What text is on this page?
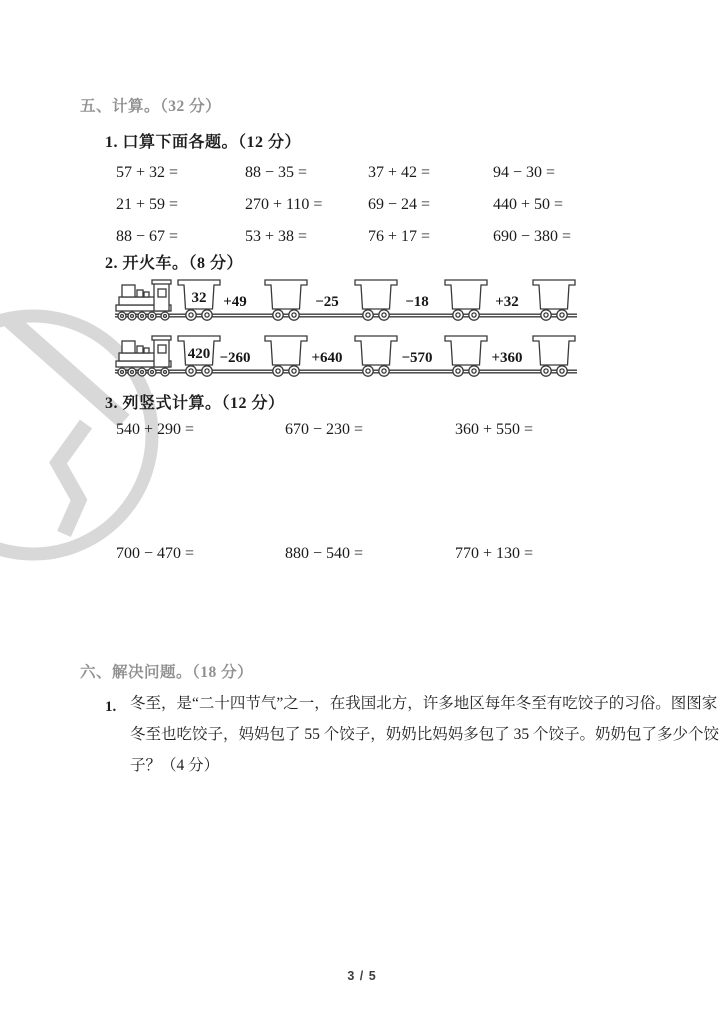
五、计算。（32 分）
1. 口算下面各题。（12 分）
57 + 32 =	88 − 35 =	37 + 42 =	94 − 30 =
21 + 59 =	270 + 110 =	69 − 24 =	440 + 50 =
88 − 67 =	53 + 38 =	76 + 17 =	690 − 380 =
2. 开火车。（8 分）
32 +49	−25	−18	+32
420 −260	+640	−570	+360
3. 列竖式计算。（12 分）
540 + 290 =	670 − 230 =	360 + 550 =
700 − 470 =	880 − 540 =	770 + 130 =
六、解决问题。（18 分）
1. 冬至，是“二十四节气”之一，在我国北方，许多地区每年冬至有吃饺子的习俗。图图家
冬至也吃饺子，妈妈包了 55 个饺子，奶奶比妈妈多包了 35 个饺子。奶奶包了多少个饺
子？（4 分）
3 / 5
